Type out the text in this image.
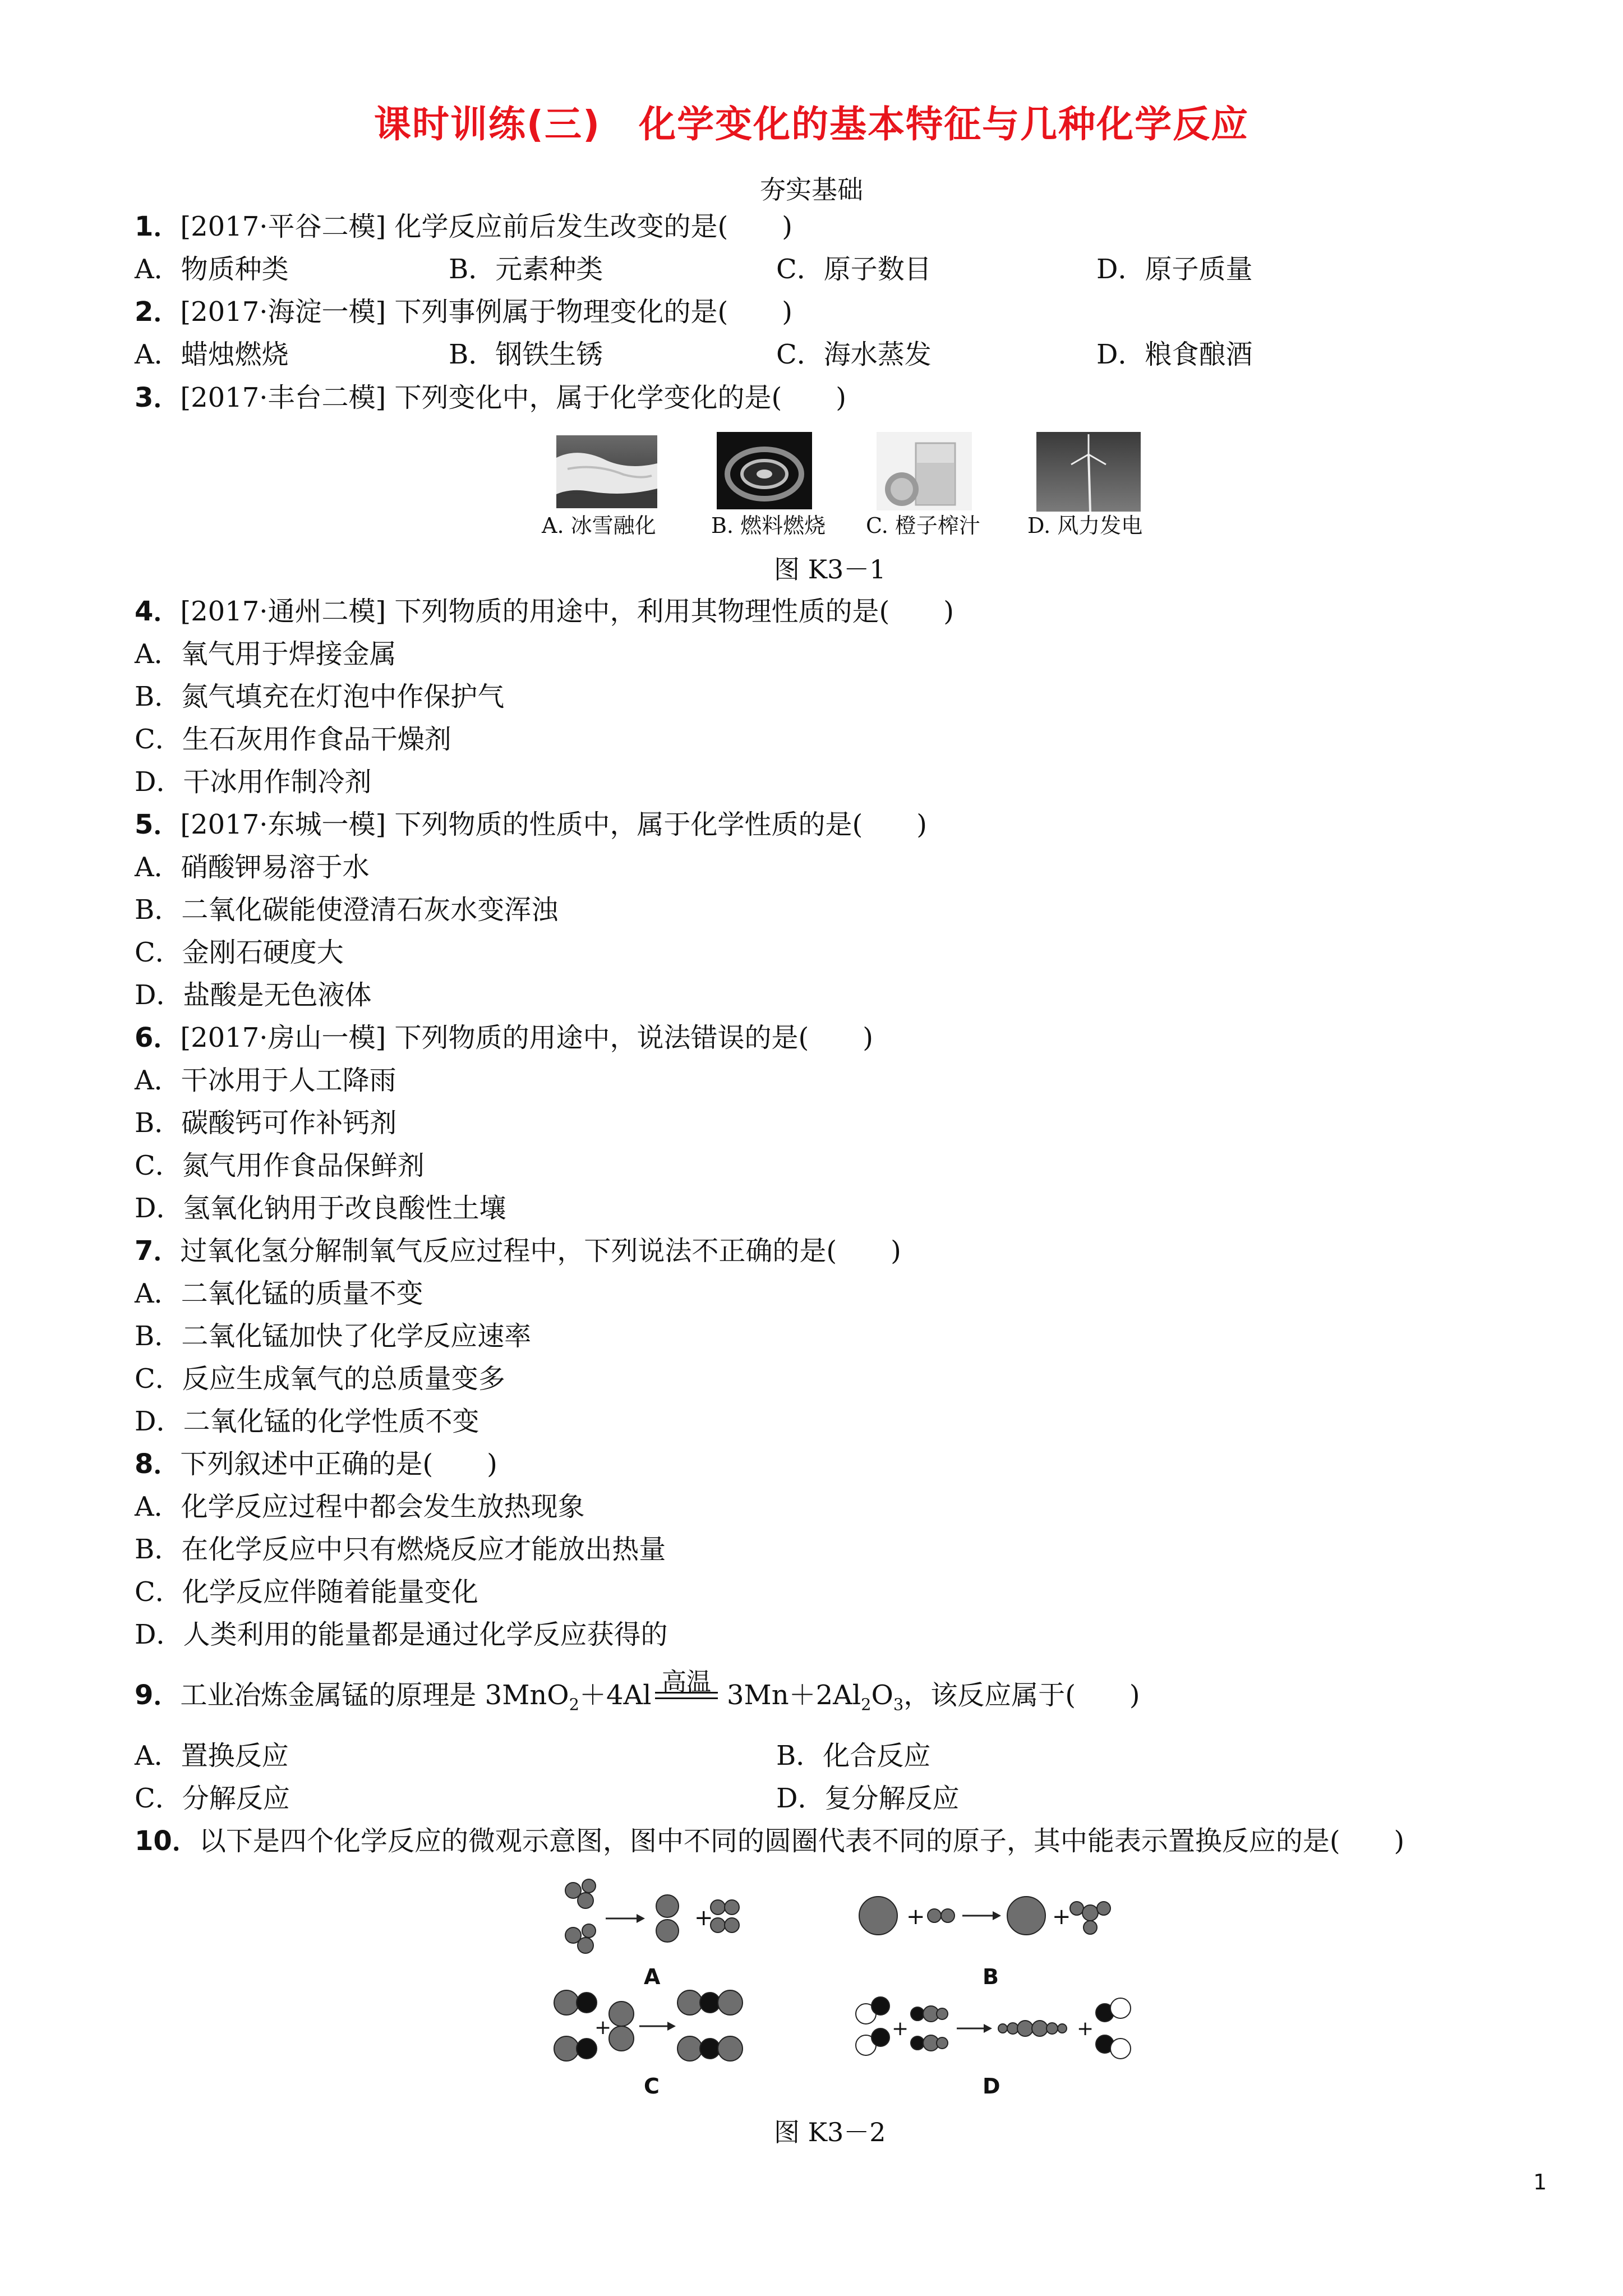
课时训练(三)　化学变化的基本特征与几种化学反应
夯实基础
1．[2017·平谷二模] 化学反应前后发生改变的是(　　)
A．物质种类	B．元素种类	C．原子数目	D．原子质量
2．[2017·海淀一模] 下列事例属于物理变化的是(　　)
A．蜡烛燃烧	B．钢铁生锈	C．海水蒸发	D．粮食酿酒
3．[2017·丰台二模] 下列变化中，属于化学变化的是(　　)
A. 冰雪融化	B. 燃料燃烧 C. 橙子榨汁 D. 风力发电
图 K3－1
4．[2017·通州二模] 下列物质的用途中，利用其物理性质的是(　　)
A．氧气用于焊接金属
B．氮气填充在灯泡中作保护气
C．生石灰用作食品干燥剂
D．干冰用作制冷剂
5．[2017·东城一模] 下列物质的性质中，属于化学性质的是(　　)
A．硝酸钾易溶于水
B．二氧化碳能使澄清石灰水变浑浊
C．金刚石硬度大
D．盐酸是无色液体
6．[2017·房山一模] 下列物质的用途中，说法错误的是(　　)
A．干冰用于人工降雨
B．碳酸钙可作补钙剂
C．氮气用作食品保鲜剂
D．氢氧化钠用于改良酸性土壤
7．过氧化氢分解制氧气反应过程中，下列说法不正确的是(　　)
A．二氧化锰的质量不变
B．二氧化锰加快了化学反应速率
C．反应生成氧气的总质量变多
D．二氧化锰的化学性质不变
8．下列叙述中正确的是(　　)
A．化学反应过程中都会发生放热现象
B．在化学反应中只有燃烧反应才能放出热量
C．化学反应伴随着能量变化
D．人类利用的能量都是通过化学反应获得的
高温
9．工业冶炼金属锰的原理是 3MnO$_2$＋4Al	$3Mn+2Al_2O_3$，该反应属于(　　)
A．置换反应	B．化合反应
C．分解反应	D．复分解反应
10．以下是四个化学反应的微观示意图，图中不同的圆圈代表不同的原子，其中能表示置换反应的是(　　)
+
A
+	+
B
+
C
+	+
D
图 K3－2
1
